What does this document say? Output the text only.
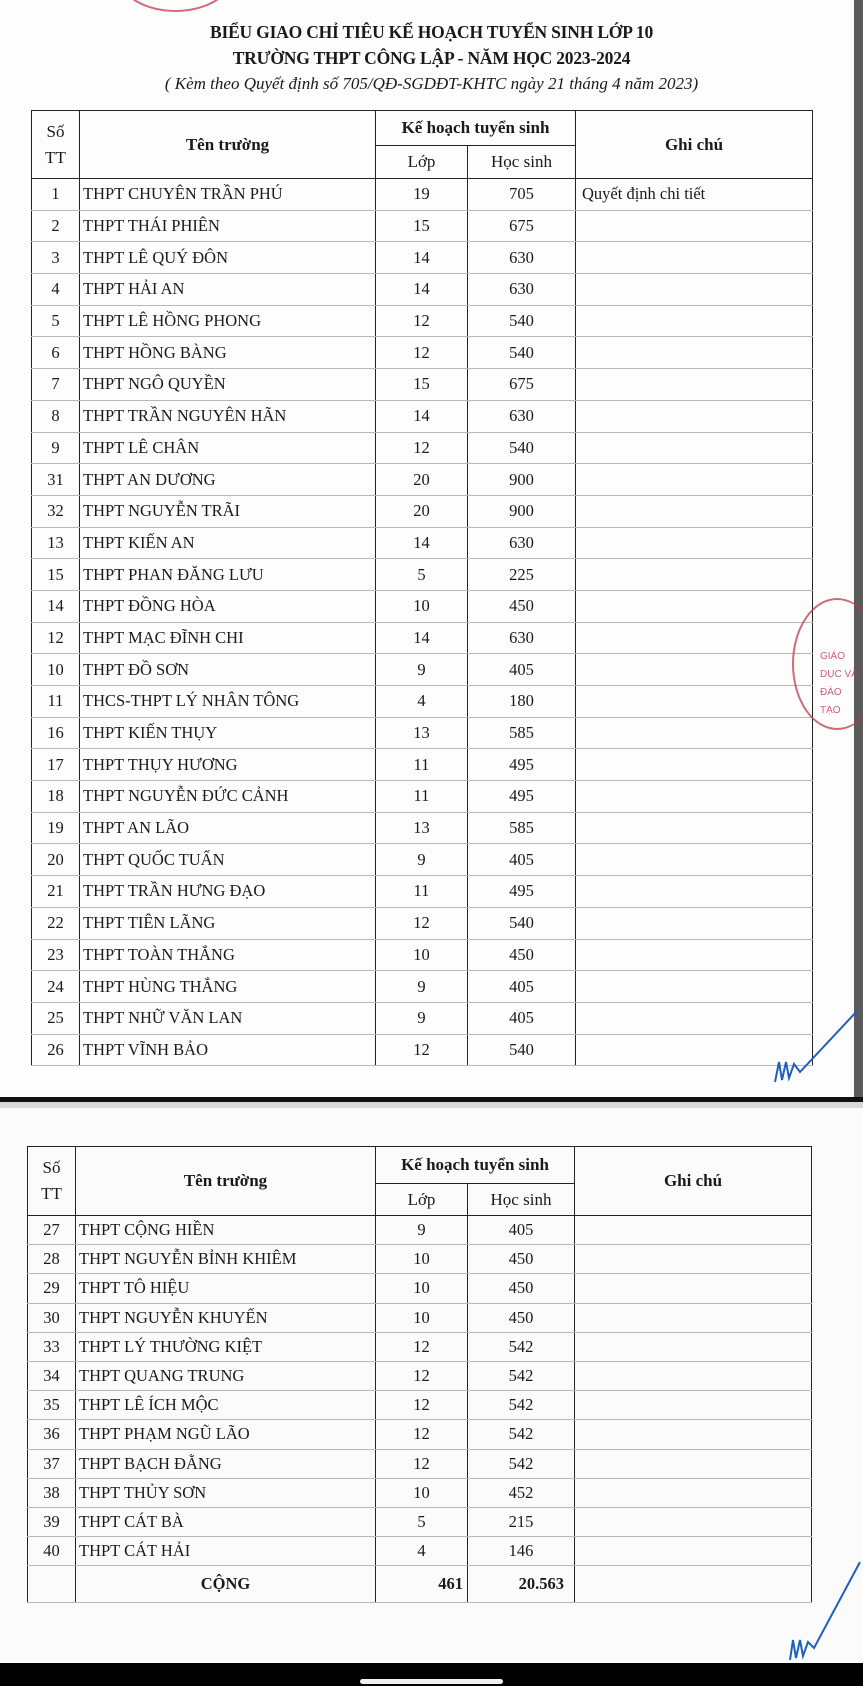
BIỂU GIAO CHỈ TIÊU KẾ HOẠCH TUYỂN SINH LỚP 10
TRƯỜNG THPT CÔNG LẬP - NĂM HỌC 2023-2024
( Kèm theo Quyết định số 705/QĐ-SGDĐT-KHTC ngày 21 tháng 4 năm 2023)
Số
TT	Tên trường	Kế hoạch tuyển sinh		Ghi chú
		Lớp	Học sinh	
1	THPT CHUYÊN TRẦN PHÚ	19	705	Quyết định chi tiết
2	THPT THÁI PHIÊN	15	675	
3	THPT LÊ QUÝ ĐÔN	14	630	
4	THPT HẢI AN	14	630	
5	THPT LÊ HỒNG PHONG	12	540	
6	THPT HỒNG BÀNG	12	540	
7	THPT NGÔ QUYỀN	15	675	
8	THPT TRẦN NGUYÊN HÃN	14	630	
9	THPT LÊ CHÂN	12	540	
31	THPT AN DƯƠNG	20	900	
32	THPT NGUYỄN TRÃI	20	900	
13	THPT KIẾN AN	14	630	
15	THPT PHAN ĐĂNG LƯU	5	225	
14	THPT ĐỒNG HÒA	10	450	
12	THPT MẠC ĐĨNH CHI	14	630	
10	THPT ĐỒ SƠN	9	405	
11	THCS-THPT LÝ NHÂN TÔNG	4	180	
16	THPT KIẾN THỤY	13	585	
17	THPT THỤY HƯƠNG	11	495	
18	THPT NGUYỄN ĐỨC CẢNH	11	495	
19	THPT AN LÃO	13	585	
20	THPT QUỐC TUẤN	9	405	
21	THPT TRẦN HƯNG ĐẠO	11	495	
22	THPT TIÊN LÃNG	12	540	
23	THPT TOÀN THẮNG	10	450	
24	THPT HÙNG THẮNG	9	405	
25	THPT NHỮ VĂN LAN	9	405	
26	THPT VĨNH BẢO	12	540	
GIÁO DỤC VÀ ĐÀO TẠO
Số
TT	Tên trường	Kế hoạch tuyển sinh		Ghi chú
		Lớp	Học sinh	
27	THPT CỘNG HIỀN	9	405	
28	THPT NGUYỄN BỈNH KHIÊM	10	450	
29	THPT TÔ HIỆU	10	450	
30	THPT NGUYỄN KHUYẾN	10	450	
33	THPT LÝ THƯỜNG KIỆT	12	542	
34	THPT QUANG TRUNG	12	542	
35	THPT LÊ ÍCH MỘC	12	542	
36	THPT PHẠM NGŨ LÃO	12	542	
37	THPT BẠCH ĐẰNG	12	542	
38	THPT THỦY SƠN	10	452	
39	THPT CÁT BÀ	5	215	
40	THPT CÁT HẢI	4	146	
	CỘNG	461	20.563	
